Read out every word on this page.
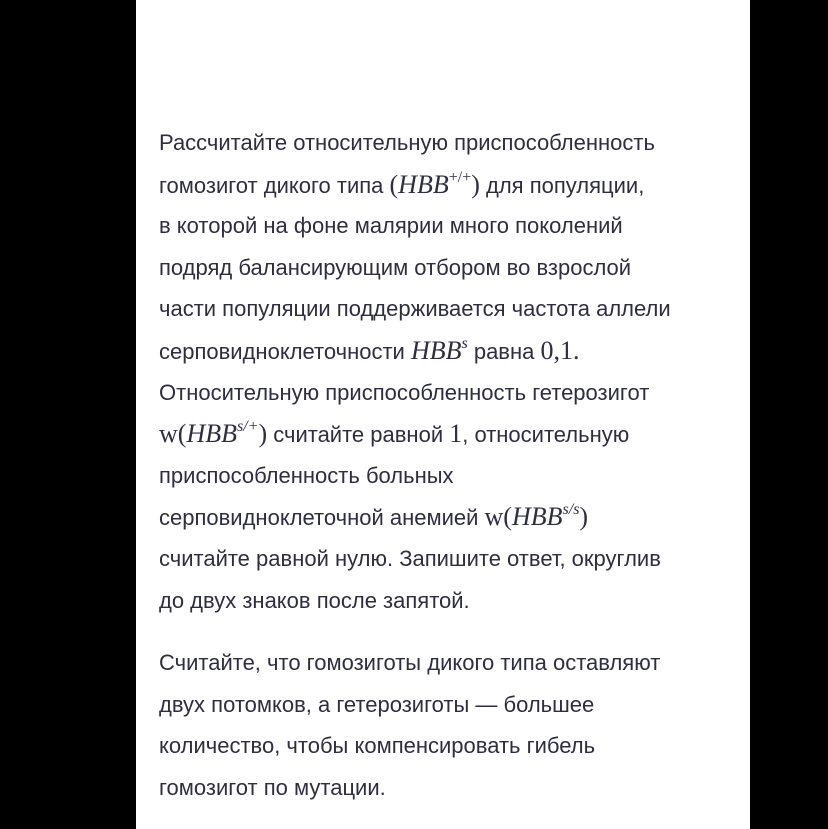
Рассчитайте относительную приспособленность
гомозигот дикого типа (HBB+/+) для популяции,
в которой на фоне малярии много поколений
подряд балансирующим отбором во взрослой
части популяции поддерживается частота аллели
серповидноклеточности HBB$^s$ равна 0,1.
Относительную приспособленность гетерозигот
$w(HBB^{s/+})$ считайте равной 1, относительную
приспособленность больных
серповидноклеточной анемией $w(HBB^{s/s})$
считайте равной нулю. Запишите ответ, округлив
до двух знаков после запятой.

Считайте, что гомозиготы дикого типа оставляют
двух потомков, а гетерозиготы — большее
количество, чтобы компенсировать гибель
гомозигот по мутации.
